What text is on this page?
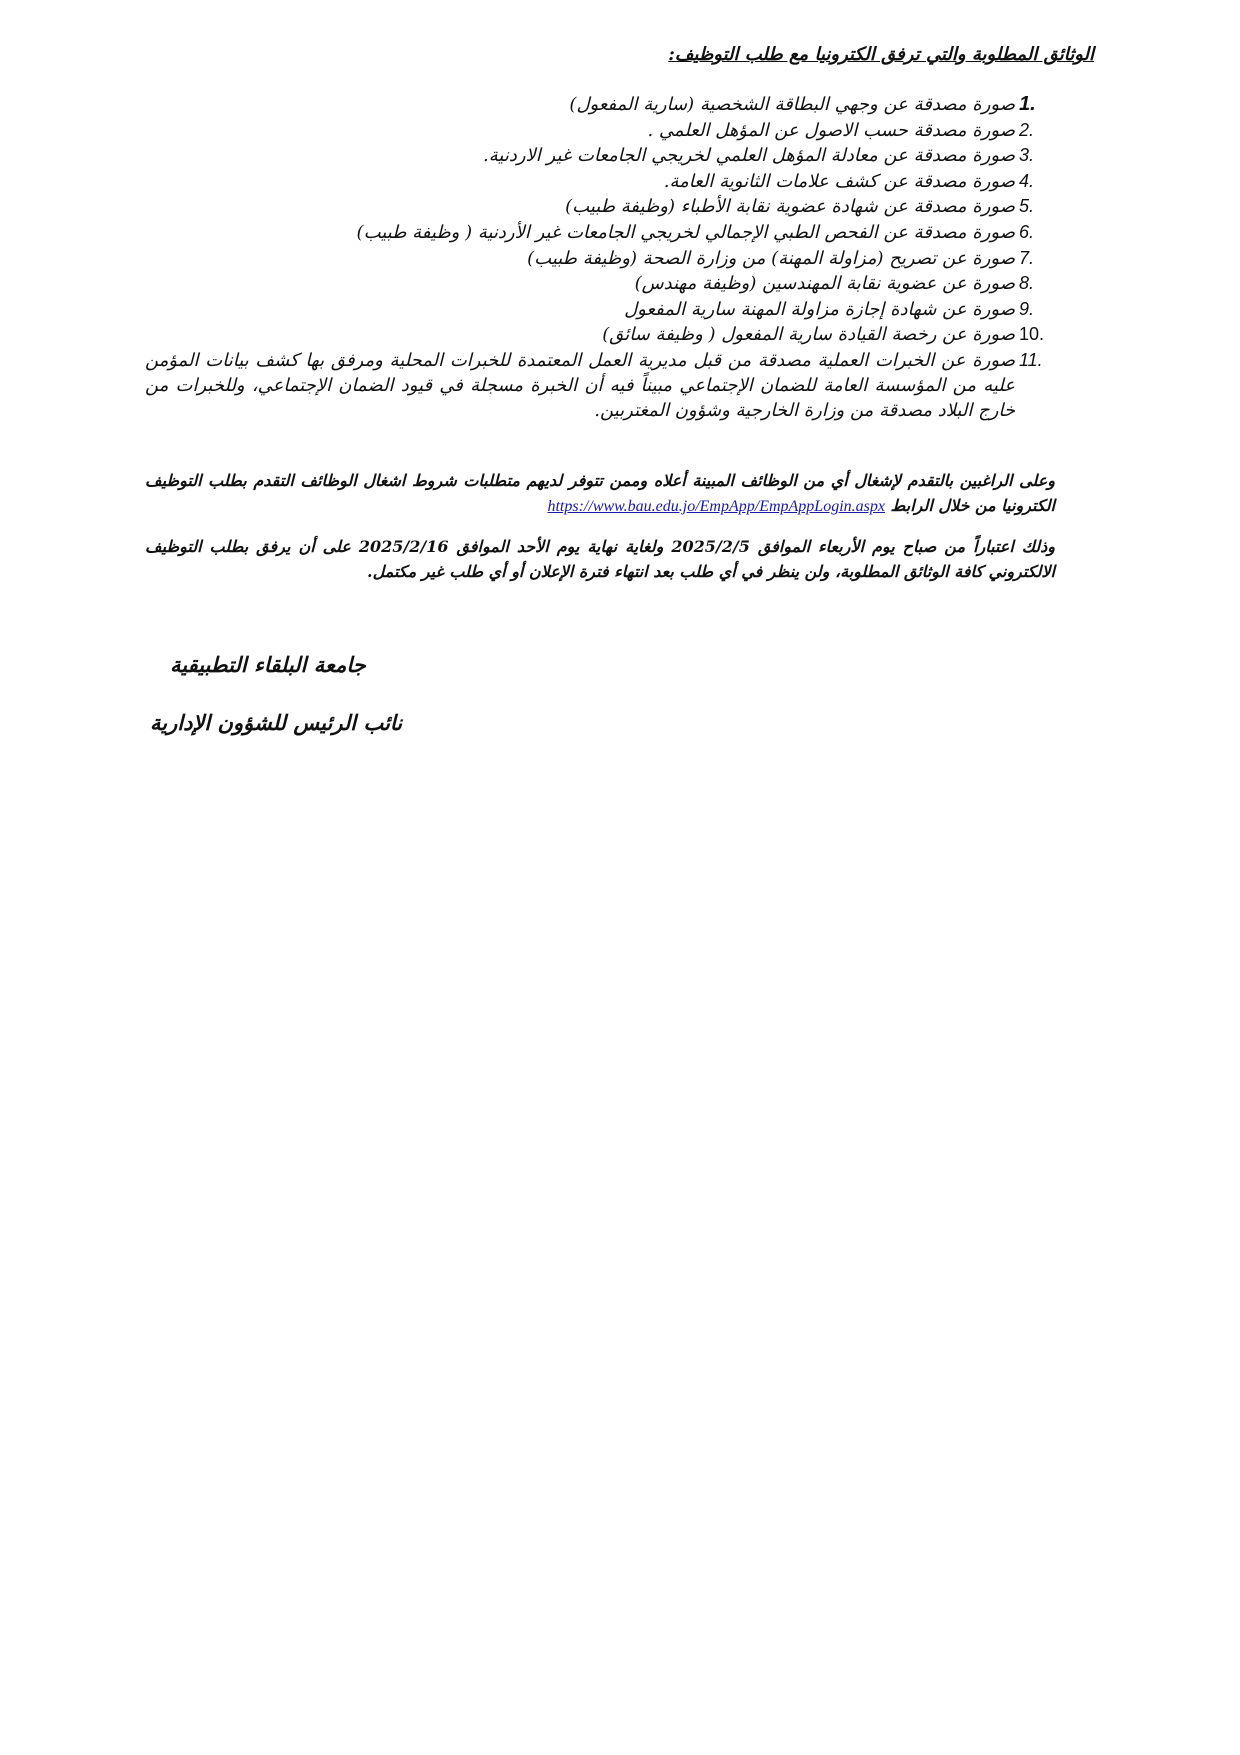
الوثائق المطلوبة والتي ترفق الكترونيا مع طلب التوظيف:
1.
صورة مصدقة عن وجهي البطاقة الشخصية (سارية المفعول)
2.
صورة مصدقة حسب الاصول عن المؤهل العلمي .
3.
صورة مصدقة عن معادلة المؤهل العلمي لخريجي الجامعات غير الاردنية.
4.
صورة مصدقة عن كشف علامات الثانوية العامة.
5.
صورة مصدقة عن شهادة عضوية نقابة الأطباء (وظيفة طبيب)
6.
صورة مصدقة عن الفحص الطبي الإجمالي لخريجي الجامعات غير الأردنية ( وظيفة طبيب)
7.
صورة عن تصريح (مزاولة المهنة) من وزارة الصحة (وظيفة طبيب)
8.
صورة عن عضوية نقابة المهندسين (وظيفة مهندس)
9.
صورة عن شهادة إجازة مزاولة المهنة سارية المفعول
10.
صورة عن رخصة القيادة سارية المفعول ( وظيفة سائق)
11.
صورة عن الخبرات العملية مصدقة من قبل مديرية العمل المعتمدة للخبرات المحلية ومرفق بها كشف بيانات المؤمن عليه من المؤسسة العامة للضمان الإجتماعي مبيناً فيه أن الخبرة مسجلة في قيود الضمان الإجتماعي، وللخبرات من خارج البلاد مصدقة من وزارة الخارجية وشؤون المغتربين.
وعلى الراغبين بالتقدم لإشغال أي من الوظائف المبينة أعلاه وممن تتوفر لديهم متطلبات شروط اشغال الوظائف التقدم بطلب التوظيف الكترونيا من خلال الرابط https://www.bau.edu.jo/EmpApp/EmpAppLogin.aspx
وذلك اعتباراً من صباح يوم الأربعاء الموافق 2025/2/5 ولغاية نهاية يوم الأحد الموافق 2025/2/16 على أن يرفق بطلب التوظيف الالكتروني كافة الوثائق المطلوبة، ولن ينظر في أي طلب بعد انتهاء فترة الإعلان أو أي طلب غير مكتمل.
جامعة البلقاء التطبيقية
نائب الرئيس للشؤون الإدارية
